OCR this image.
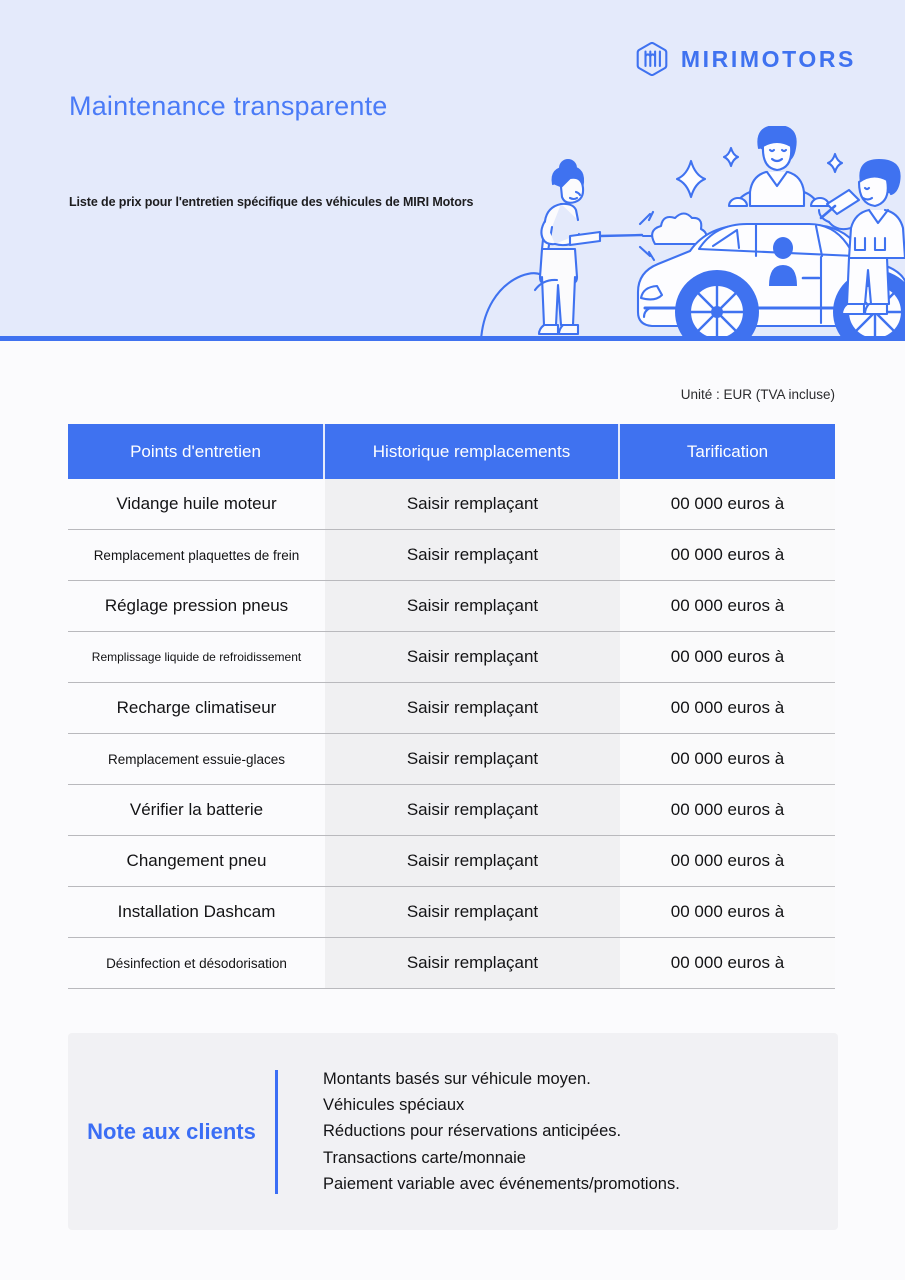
MIRIMOTORS
Maintenance transparente
Liste de prix pour l'entretien spécifique des véhicules de MIRI Motors
Unité : EUR (TVA incluse)
Points d'entretien	Historique remplacements	Tarification
Vidange huile moteur	Saisir remplaçant	00 000 euros à
Remplacement plaquettes de frein	Saisir remplaçant	00 000 euros à
Réglage pression pneus	Saisir remplaçant	00 000 euros à
Remplissage liquide de refroidissement	Saisir remplaçant	00 000 euros à
Recharge climatiseur	Saisir remplaçant	00 000 euros à
Remplacement essuie-glaces	Saisir remplaçant	00 000 euros à
Vérifier la batterie	Saisir remplaçant	00 000 euros à
Changement pneu	Saisir remplaçant	00 000 euros à
Installation Dashcam	Saisir remplaçant	00 000 euros à
Désinfection et désodorisation	Saisir remplaçant	00 000 euros à
Note aux clients
Montants basés sur véhicule moyen.
Véhicules spéciaux
Réductions pour réservations anticipées.
Transactions carte/monnaie
Paiement variable avec événements/promotions.
